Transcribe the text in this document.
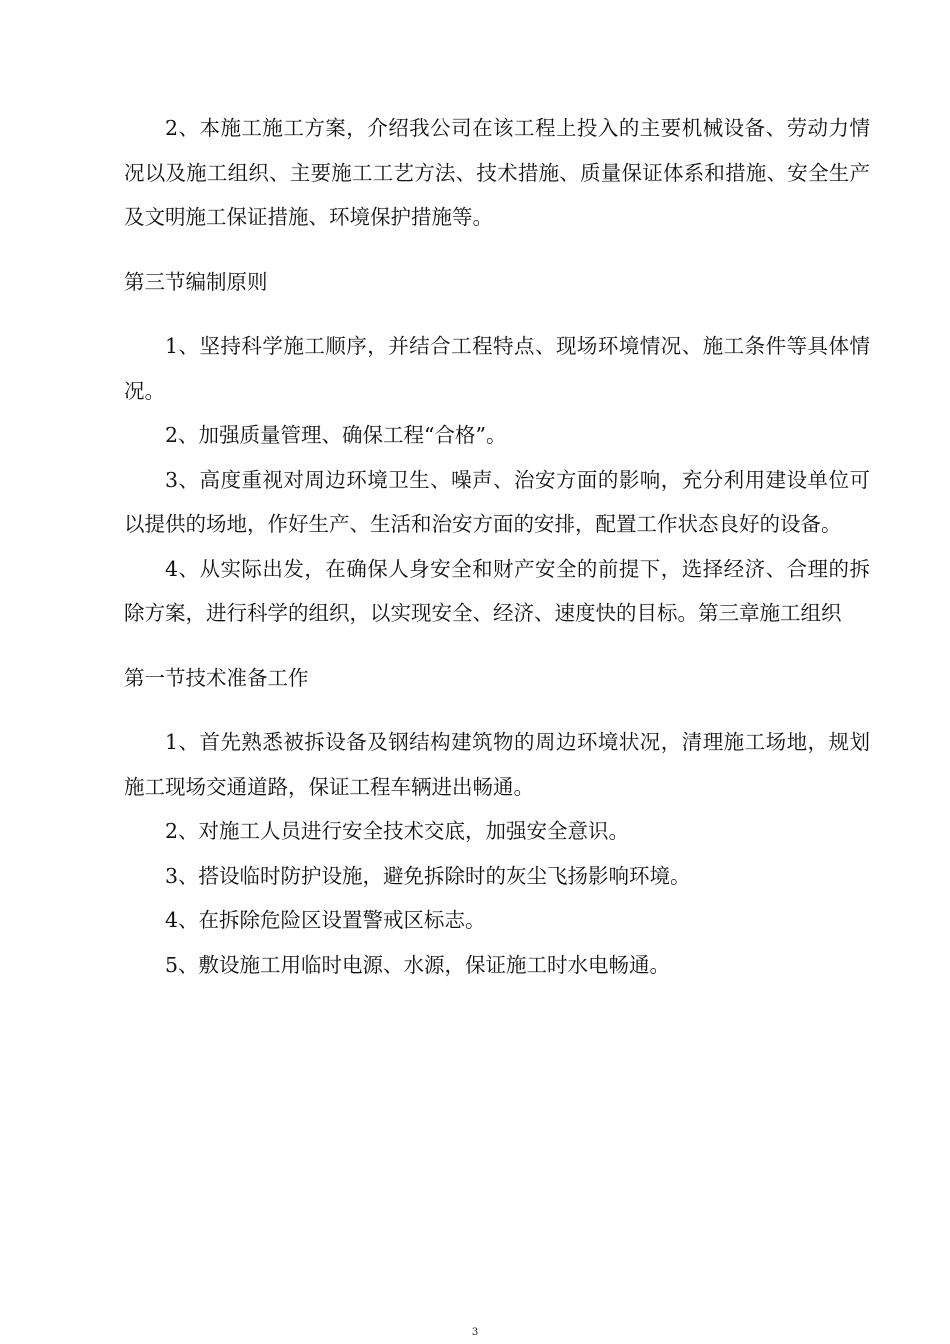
2、本施工施工方案，介绍我公司在该工程上投入的主要机械设备、劳动力情况以及施工组织、主要施工工艺方法、技术措施、质量保证体系和措施、安全生产及文明施工保证措施、环境保护措施等。

第三节编制原则

1、坚持科学施工顺序，并结合工程特点、现场环境情况、施工条件等具体情况。

2、加强质量管理、确保工程“合格”。

3、高度重视对周边环境卫生、噪声、治安方面的影响，充分利用建设单位可以提供的场地，作好生产、生活和治安方面的安排，配置工作状态良好的设备。

4、从实际出发，在确保人身安全和财产安全的前提下，选择经济、合理的拆除方案，进行科学的组织，以实现安全、经济、速度快的目标。第三章施工组织

第一节技术准备工作

1、首先熟悉被拆设备及钢结构建筑物的周边环境状况，清理施工场地，规划施工现场交通道路，保证工程车辆进出畅通。

2、对施工人员进行安全技术交底，加强安全意识。

3、搭设临时防护设施，避免拆除时的灰尘飞扬影响环境。

4、在拆除危险区设置警戒区标志。

5、敷设施工用临时电源、水源，保证施工时水电畅通。

3
